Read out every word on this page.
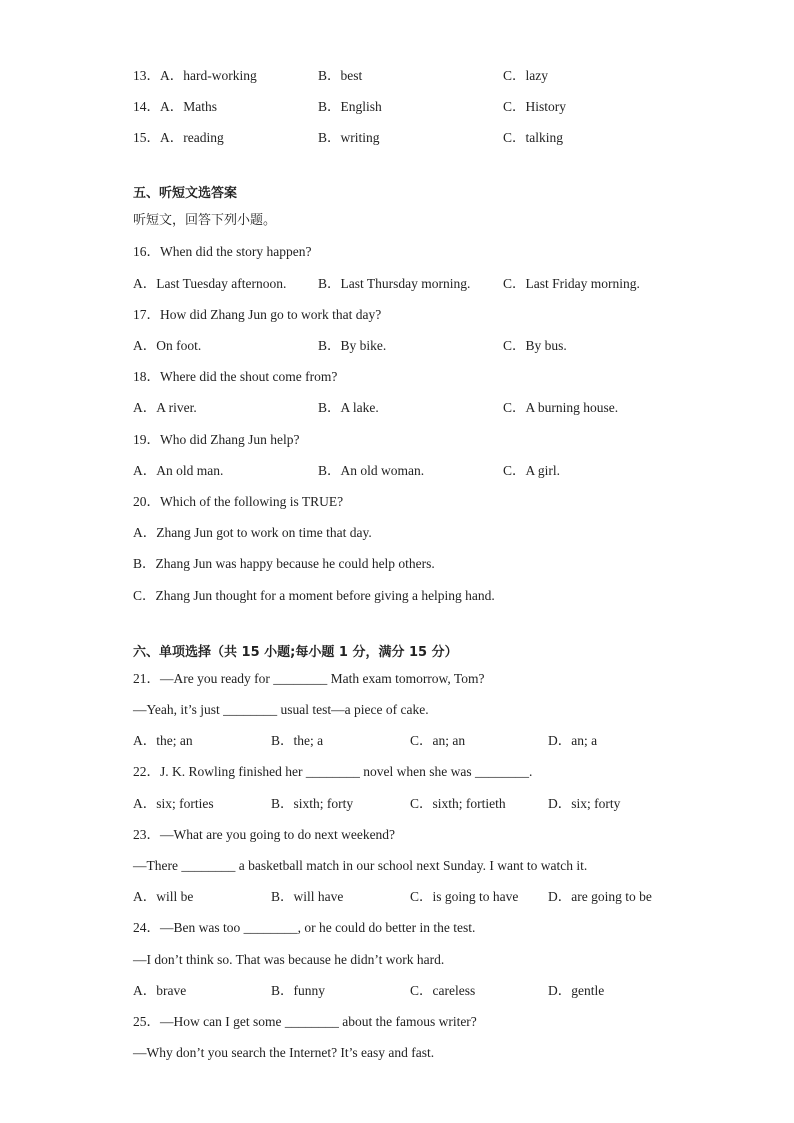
13．A．hard-working	B．best	C．lazy
14．A．Maths	B．English	C．History
15．A．reading	B．writing	C．talking
五、听短文选答案
听短文，回答下列小题。
16．When did the story happen?
A．Last Tuesday afternoon. B．Last Thursday morning. C．Last Friday morning.
17．How did Zhang Jun go to work that day?
A．On foot.	B．By bike.	C．By bus.
18．Where did the shout come from?
A．A river.	B．A lake.	C．A burning house.
19．Who did Zhang Jun help?
A．An old man.	B．An old woman.	C．A girl.
20．Which of the following is TRUE?
A．Zhang Jun got to work on time that day.
B．Zhang Jun was happy because he could help others.
C．Zhang Jun thought for a moment before giving a helping hand.
六、单项选择（共 15 小题;每小题 1 分，满分 15 分）
21．—Are you ready for ________ Math exam tomorrow, Tom?
—Yeah, it’s just ________ usual test—a piece of cake.
A．the; an	B．the; a	C．an; an	D．an; a
22．J. K. Rowling finished her ________ novel when she was ________.
A．six; forties	B．sixth; forty	C．sixth; fortieth	D．six; forty
23．—What are you going to do next weekend?
—There ________ a basketball match in our school next Sunday. I want to watch it.
A．will be	B．will have	C．is going to have D．are going to be
24．—Ben was too ________, or he could do better in the test.
—I don’t think so. That was because he didn’t work hard.
A．brave	B．funny	C．careless	D．gentle
25．—How can I get some ________ about the famous writer?
—Why don’t you search the Internet? It’s easy and fast.
